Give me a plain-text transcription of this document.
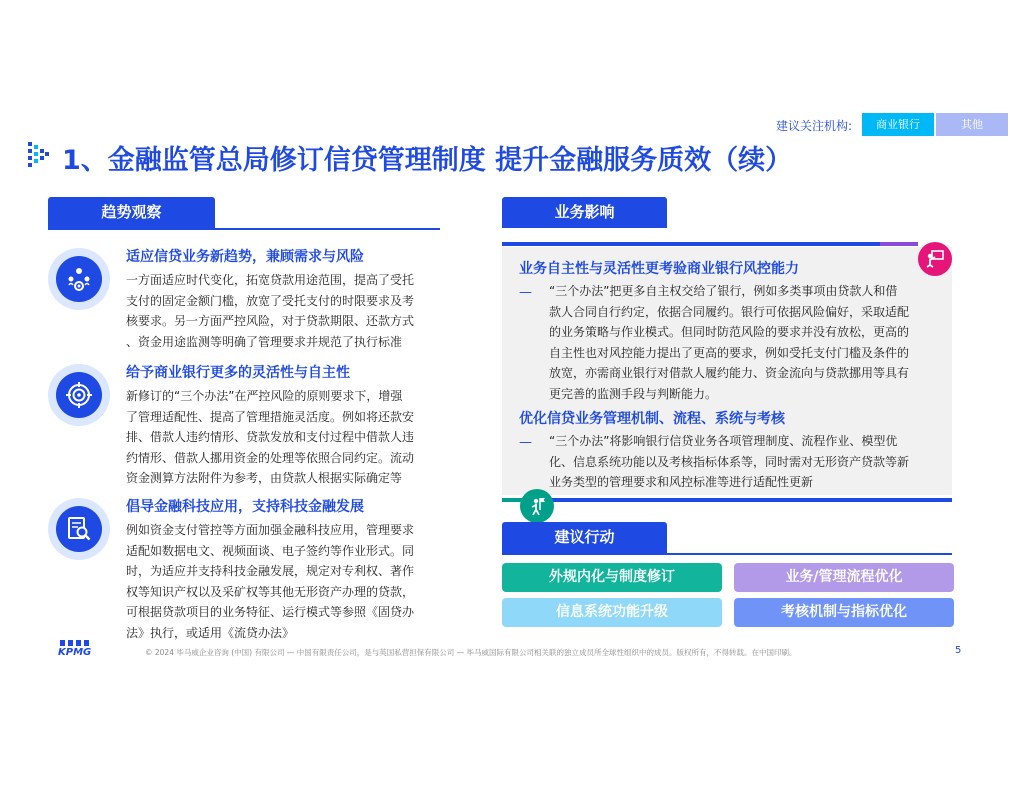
建议关注机构:	商业银行	其他
1、金融监管总局修订信贷管理制度 提升金融服务质效（续）
趋势观察
适应信贷业务新趋势，兼顾需求与风险
一方面适应时代变化，拓宽贷款用途范围，提高了受托
支付的固定金额门槛，放宽了受托支付的时限要求及考
核要求。另一方面严控风险，对于贷款期限、还款方式
、资金用途监测等明确了管理要求并规范了执行标准
给予商业银行更多的灵活性与自主性
新修订的“三个办法”在严控风险的原则要求下，增强
了管理适配性、提高了管理措施灵活度。例如将还款安
排、借款人违约情形、贷款发放和支付过程中借款人违
约情形、借款人挪用资金的处理等依照合同约定。流动
资金测算方法附件为参考，由贷款人根据实际确定等
倡导金融科技应用，支持科技金融发展
例如资金支付管控等方面加强金融科技应用，管理要求
适配如数据电文、视频面谈、电子签约等作业形式。同
时，为适应并支持科技金融发展，规定对专利权、著作
权等知识产权以及采矿权等其他无形资产办理的贷款，
可根据贷款项目的业务特征、运行模式等参照《固贷办
法》执行，或适用《流贷办法》
业务影响
业务自主性与灵活性更考验商业银行风控能力
— “三个办法”把更多自主权交给了银行，例如多类事项由贷款人和借
款人合同自行约定，依据合同履约。银行可依据风险偏好，采取适配
的业务策略与作业模式。但同时防范风险的要求并没有放松，更高的
自主性也对风控能力提出了更高的要求，例如受托支付门槛及条件的
放宽，亦需商业银行对借款人履约能力、资金流向与贷款挪用等具有
更完善的监测手段与判断能力。
优化信贷业务管理机制、流程、系统与考核
— “三个办法”将影响银行信贷业务各项管理制度、流程作业、模型优
化、信息系统功能以及考核指标体系等，同时需对无形资产贷款等新
业务类型的管理要求和风控标准等进行适配性更新
建议行动
外规内化与制度修订	业务/管理流程优化
信息系统功能升级	考核机制与指标优化
KPMG	© 2024 毕马威企业咨询 (中国) 有限公司 — 中国有限责任公司，是与英国私营担保有限公司 — 毕马威国际有限公司相关联的独立成员所全球性组织中的成员。版权所有，不得转载。在中国印刷。	5
